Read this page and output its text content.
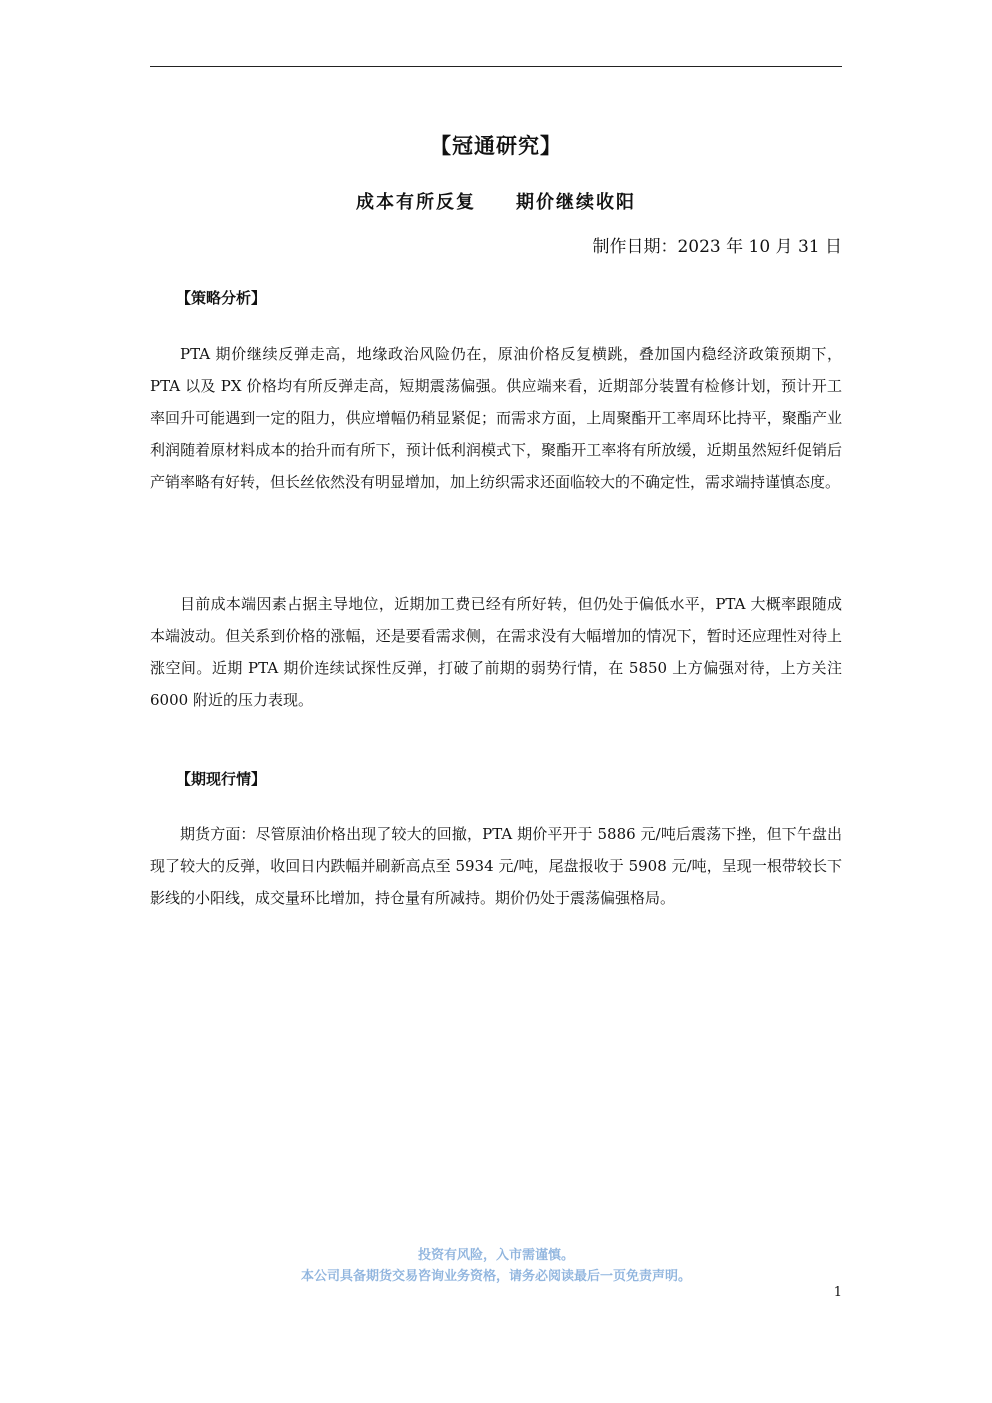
【冠通研究】
成本有所反复 期价继续收阳
制作日期：2023 年 10 月 31 日
【策略分析】
PTA 期价继续反弹走高，地缘政治风险仍在，原油价格反复横跳，叠加国内稳经济政策预期下，PTA 以及 PX 价格均有所反弹走高，短期震荡偏强。供应端来看，近期部分装置有检修计划，预计开工率回升可能遇到一定的阻力，供应增幅仍稍显紧促；而需求方面，上周聚酯开工率周环比持平，聚酯产业利润随着原材料成本的抬升而有所下，预计低利润模式下，聚酯开工率将有所放缓，近期虽然短纤促销后产销率略有好转，但长丝依然没有明显增加，加上纺织需求还面临较大的不确定性，需求端持谨慎态度。
目前成本端因素占据主导地位，近期加工费已经有所好转，但仍处于偏低水平，PTA 大概率跟随成本端波动。但关系到价格的涨幅，还是要看需求侧，在需求没有大幅增加的情况下，暂时还应理性对待上涨空间。近期 PTA 期价连续试探性反弹，打破了前期的弱势行情，在 5850 上方偏强对待，上方关注 6000 附近的压力表现。
【期现行情】
期货方面：尽管原油价格出现了较大的回撤，PTA 期价平开于 5886 元/吨后震荡下挫，但下午盘出现了较大的反弹，收回日内跌幅并刷新高点至 5934 元/吨，尾盘报收于 5908 元/吨，呈现一根带较长下影线的小阳线，成交量环比增加，持仓量有所减持。期价仍处于震荡偏强格局。
投资有风险，入市需谨慎。
本公司具备期货交易咨询业务资格，请务必阅读最后一页免责声明。
1
